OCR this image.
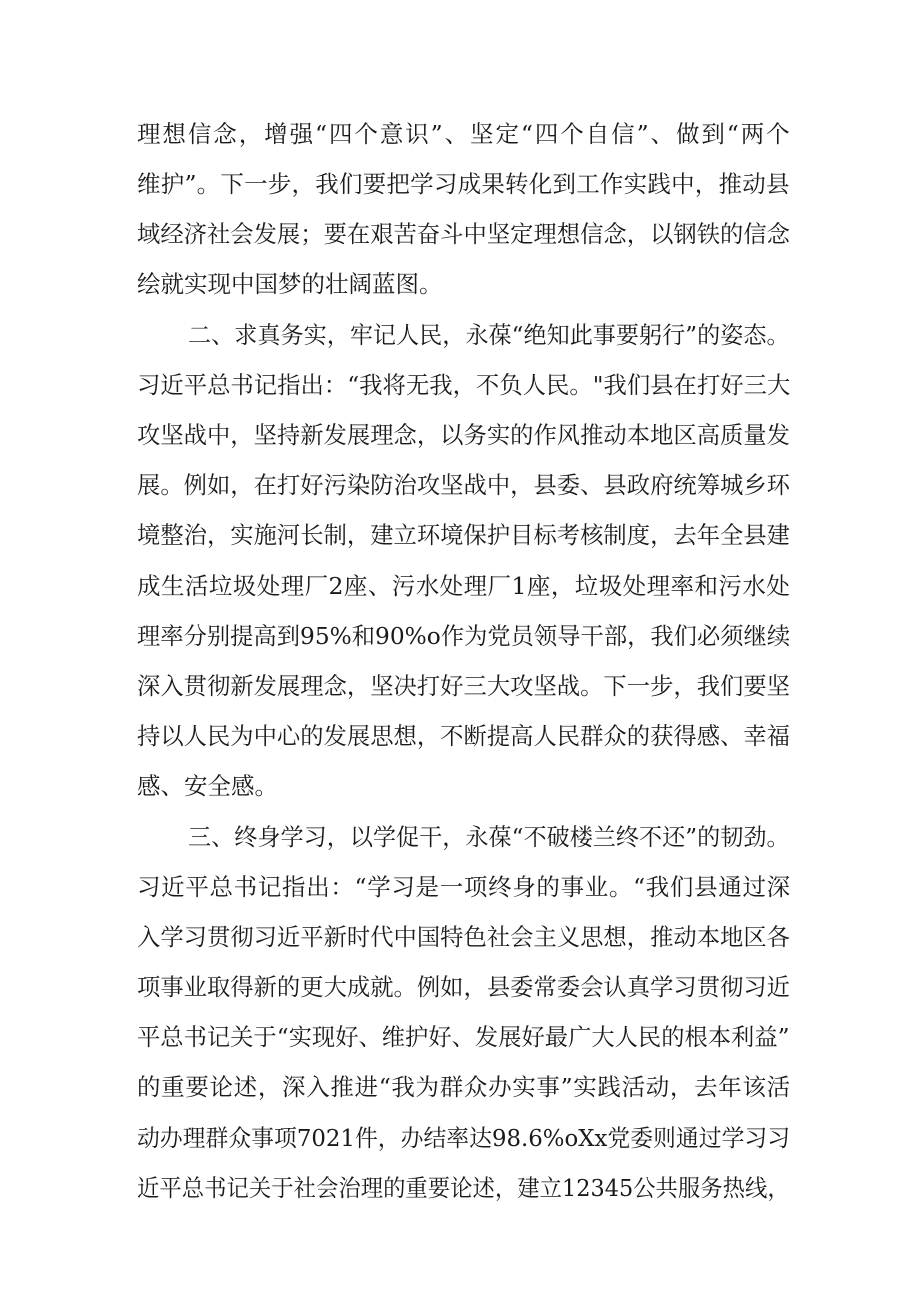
理想信念，增强“四个意识”、坚定“四个自信”、做到“两个
维护”。下一步，我们要把学习成果转化到工作实践中，推动县
域经济社会发展；要在艰苦奋斗中坚定理想信念，以钢铁的信念
绘就实现中国梦的壮阔蓝图。
二、求真务实，牢记人民，永葆“绝知此事要躬行”的姿态。
习近平总书记指出：“我将无我，不负人民。"我们县在打好三大
攻坚战中，坚持新发展理念，以务实的作风推动本地区高质量发
展。例如，在打好污染防治攻坚战中，县委、县政府统筹城乡环
境整治，实施河长制，建立环境保护目标考核制度，去年全县建
成生活垃圾处理厂2座、污水处理厂1座，垃圾处理率和污水处
理率分别提高到95%和90%o作为党员领导干部，我们必须继续
深入贯彻新发展理念，坚决打好三大攻坚战。下一步，我们要坚
持以人民为中心的发展思想，不断提高人民群众的获得感、幸福
感、安全感。
三、终身学习，以学促干，永葆“不破楼兰终不还”的韧劲。
习近平总书记指出：“学习是一项终身的事业。“我们县通过深
入学习贯彻习近平新时代中国特色社会主义思想，推动本地区各
项事业取得新的更大成就。例如，县委常委会认真学习贯彻习近
平总书记关于“实现好、维护好、发展好最广大人民的根本利益”
的重要论述，深入推进“我为群众办实事”实践活动，去年该活
动办理群众事项7021件，办结率达98.6%oXx党委则通过学习习
近平总书记关于社会治理的重要论述，建立12345公共服务热线，
